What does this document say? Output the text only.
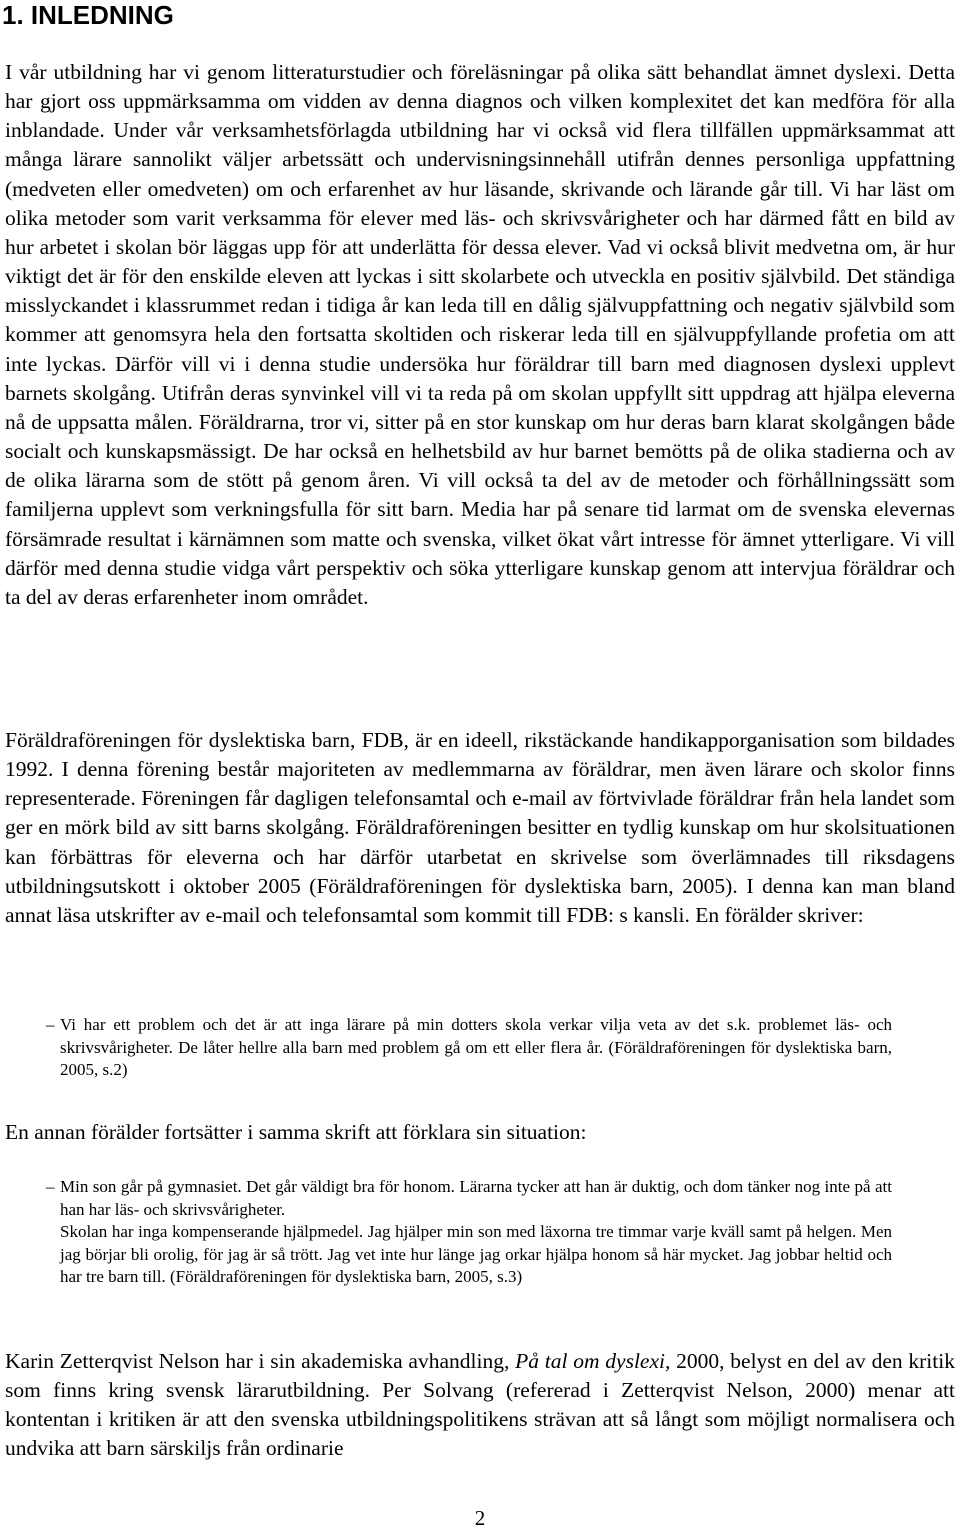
1. INLEDNING

I vår utbildning har vi genom litteraturstudier och föreläsningar på olika sätt behandlat ämnet dyslexi. Detta har gjort oss uppmärksamma om vidden av denna diagnos och vilken komplexitet det kan medföra för alla inblandade. Under vår verksamhetsförlagda utbildning har vi också vid flera tillfällen uppmärksammat att många lärare sannolikt väljer arbetssätt och undervisningsinnehåll utifrån dennes personliga uppfattning (medveten eller omedveten) om och erfarenhet av hur läsande, skrivande och lärande går till. Vi har läst om olika metoder som varit verksamma för elever med läs- och skrivsvårigheter och har därmed fått en bild av hur arbetet i skolan bör läggas upp för att underlätta för dessa elever. Vad vi också blivit medvetna om, är hur viktigt det är för den enskilde eleven att lyckas i sitt skolarbete och utveckla en positiv självbild. Det ständiga misslyckandet i klassrummet redan i tidiga år kan leda till en dålig självuppfattning och negativ självbild som kommer att genomsyra hela den fortsatta skoltiden och riskerar leda till en självuppfyllande profetia om att inte lyckas. Därför vill vi i denna studie undersöka hur föräldrar till barn med diagnosen dyslexi upplevt barnets skolgång. Utifrån deras synvinkel vill vi ta reda på om skolan uppfyllt sitt uppdrag att hjälpa eleverna nå de uppsatta målen. Föräldrarna, tror vi, sitter på en stor kunskap om hur deras barn klarat skolgången både socialt och kunskapsmässigt. De har också en helhetsbild av hur barnet bemötts på de olika stadierna och av de olika lärarna som de stött på genom åren. Vi vill också ta del av de metoder och förhållningssätt som familjerna upplevt som verkningsfulla för sitt barn. Media har på senare tid larmat om de svenska elevernas försämrade resultat i kärnämnen som matte och svenska, vilket ökat vårt intresse för ämnet ytterligare. Vi vill därför med denna studie vidga vårt perspektiv och söka ytterligare kunskap genom att intervjua föräldrar och ta del av deras erfarenheter inom området.

Föräldraföreningen för dyslektiska barn, FDB, är en ideell, rikstäckande handikapporganisation som bildades 1992. I denna förening består majoriteten av medlemmarna av föräldrar, men även lärare och skolor finns representerade. Föreningen får dagligen telefonsamtal och e-mail av förtvivlade föräldrar från hela landet som ger en mörk bild av sitt barns skolgång. Föräldraföreningen besitter en tydlig kunskap om hur skolsituationen kan förbättras för eleverna och har därför utarbetat en skrivelse som överlämnades till riksdagens utbildningsutskott i oktober 2005 (Föräldraföreningen för dyslektiska barn, 2005). I denna kan man bland annat läsa utskrifter av e-mail och telefonsamtal som kommit till FDB: s kansli. En förälder skriver:

– Vi har ett problem och det är att inga lärare på min dotters skola verkar vilja veta av det s.k. problemet läs- och skrivsvårigheter. De låter hellre alla barn med problem gå om ett eller flera år. (Föräldraföreningen för dyslektiska barn, 2005, s.2)

En annan förälder fortsätter i samma skrift att förklara sin situation:

– Min son går på gymnasiet. Det går väldigt bra för honom. Lärarna tycker att han är duktig, och dom tänker nog inte på att han har läs- och skrivsvårigheter.
Skolan har inga kompenserande hjälpmedel. Jag hjälper min son med läxorna tre timmar varje kväll samt på helgen. Men jag börjar bli orolig, för jag är så trött. Jag vet inte hur länge jag orkar hjälpa honom så här mycket. Jag jobbar heltid och har tre barn till. (Föräldraföreningen för dyslektiska barn, 2005, s.3)

Karin Zetterqvist Nelson har i sin akademiska avhandling, På tal om dyslexi, 2000, belyst en del av den kritik som finns kring svensk lärarutbildning. Per Solvang (refererad i Zetterqvist Nelson, 2000) menar att kontentan i kritiken är att den svenska utbildningspolitikens strävan att så långt som möjligt normalisera och undvika att barn särskiljs från ordinarie

2
